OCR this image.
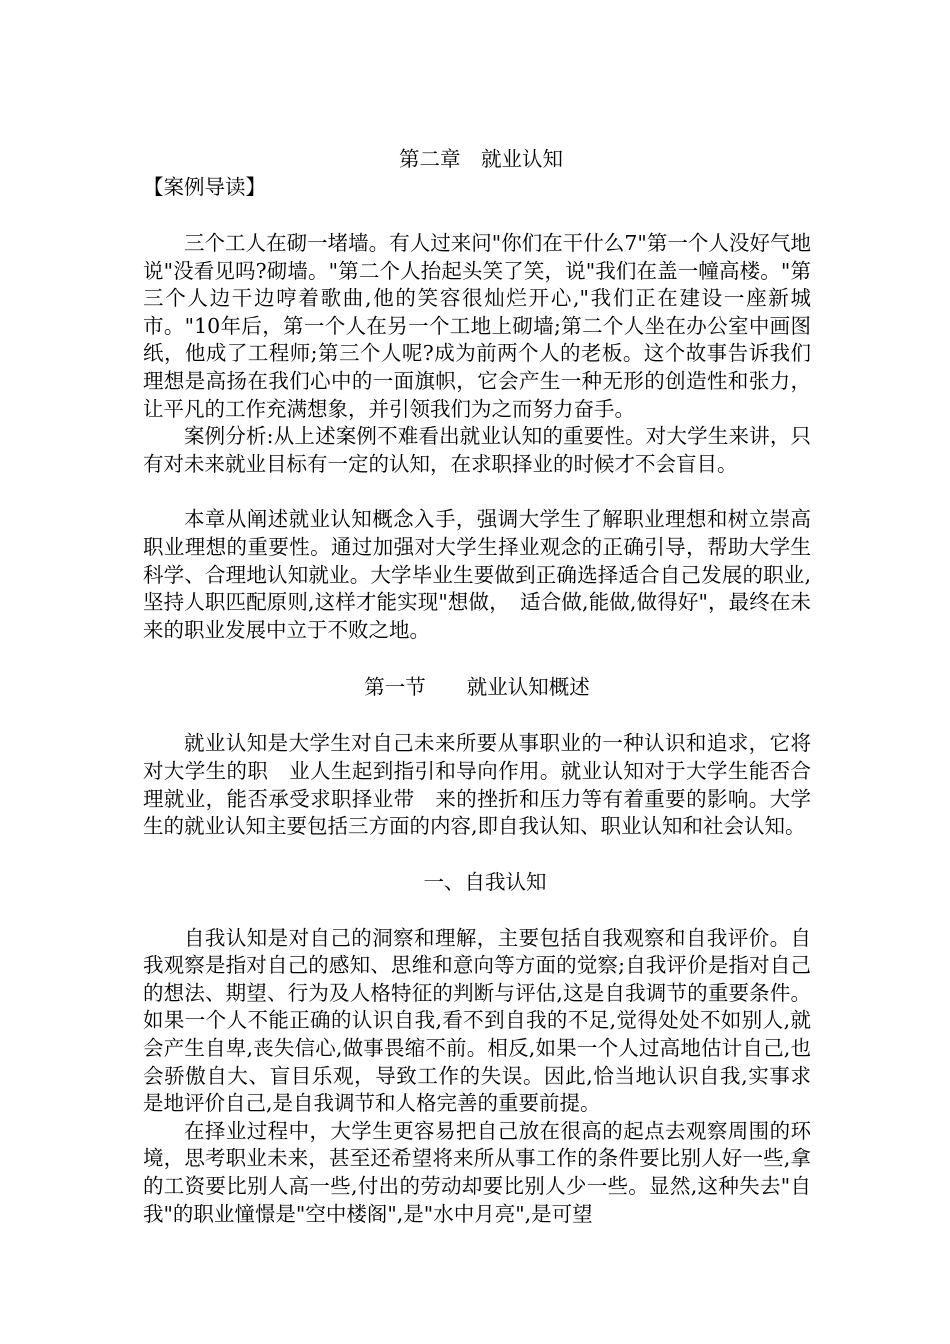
第二章　就业认知
【案例导读】

三个工人在砌一堵墙。有人过来问"你们在干什么7"第一个人没好气地说"没看见吗?砌墙。"第二个人抬起头笑了笑，说"我们在盖一幢高楼。"第三个人边干边哼着歌曲,他的笑容很灿烂开心,"我们正在建设一座新城市。"10年后，第一个人在另一个工地上砌墙;第二个人坐在办公室中画图纸，他成了工程师;第三个人呢?成为前两个人的老板。这个故事告诉我们理想是高扬在我们心中的一面旗帜，它会产生一种无形的创造性和张力，让平凡的工作充满想象，并引领我们为之而努力奋手。

案例分析:从上述案例不难看出就业认知的重要性。对大学生来讲，只有对未来就业目标有一定的认知，在求职择业的时候才不会盲目。

本章从阐述就业认知概念入手，强调大学生了解职业理想和树立崇高职业理想的重要性。通过加强对大学生择业观念的正确引导，帮助大学生科学、合理地认知就业。大学毕业生要做到正确选择适合自己发展的职业,坚持人职匹配原则,这样才能实现"想做，　适合做,能做,做得好"，最终在未来的职业发展中立于不败之地。

第一节　　就业认知概述

就业认知是大学生对自己未来所要从事职业的一种认识和追求，它将对大学生的职　业人生起到指引和导向作用。就业认知对于大学生能否合理就业，能否承受求职择业带　来的挫折和压力等有着重要的影响。大学生的就业认知主要包括三方面的内容,即自我认知、职业认知和社会认知。

一、自我认知

自我认知是对自己的洞察和理解，主要包括自我观察和自我评价。自我观察是指对自己的感知、思维和意向等方面的觉察;自我评价是指对自己的想法、期望、行为及人格特征的判断与评估,这是自我调节的重要条件。如果一个人不能正确的认识自我,看不到自我的不足,觉得处处不如别人,就会产生自卑,丧失信心,做事畏缩不前。相反,如果一个人过高地估计自己,也会骄傲自大、盲目乐观，导致工作的失误。因此,恰当地认识自我,实事求是地评价自己,是自我调节和人格完善的重要前提。

在择业过程中，大学生更容易把自己放在很高的起点去观察周围的环境，思考职业未来，甚至还希望将来所从事工作的条件要比别人好一些,拿的工资要比别人高一些,付出的劳动却要比别人少一些。显然,这种失去"自我"的职业憧憬是"空中楼阁",是"水中月亮",是可望
